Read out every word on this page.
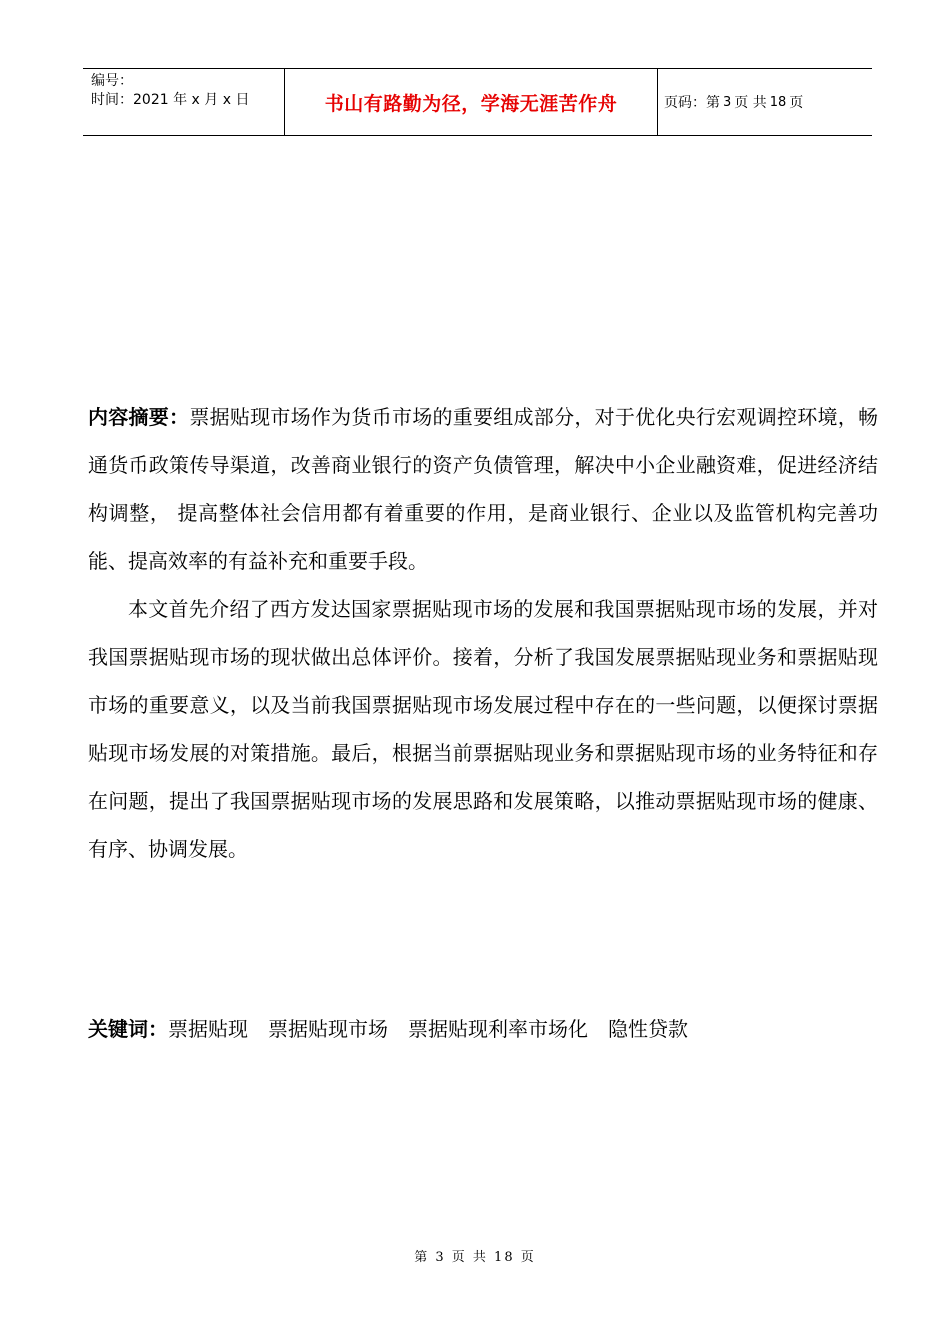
编号：
时间：2021 年 x 月 x 日	书山有路勤为径，学海无涯苦作舟	页码：第 3 页 共 18 页

内容摘要：票据贴现市场作为货币市场的重要组成部分，对于优化央行宏观调控环境，畅通货币政策传导渠道，改善商业银行的资产负债管理，解决中小企业融资难，促进经济结构调整， 提高整体社会信用都有着重要的作用，是商业银行、企业以及监管机构完善功能、提高效率的有益补充和重要手段。

本文首先介绍了西方发达国家票据贴现市场的发展和我国票据贴现市场的发展，并对我国票据贴现市场的现状做出总体评价。接着，分析了我国发展票据贴现业务和票据贴现市场的重要意义，以及当前我国票据贴现市场发展过程中存在的一些问题，以便探讨票据贴现市场发展的对策措施。最后，根据当前票据贴现业务和票据贴现市场的业务特征和存在问题，提出了我国票据贴现市场的发展思路和发展策略，以推动票据贴现市场的健康、有序、协调发展。

关键词：票据贴现 票据贴现市场 票据贴现利率市场化 隐性贷款
第 3 页 共 18 页
